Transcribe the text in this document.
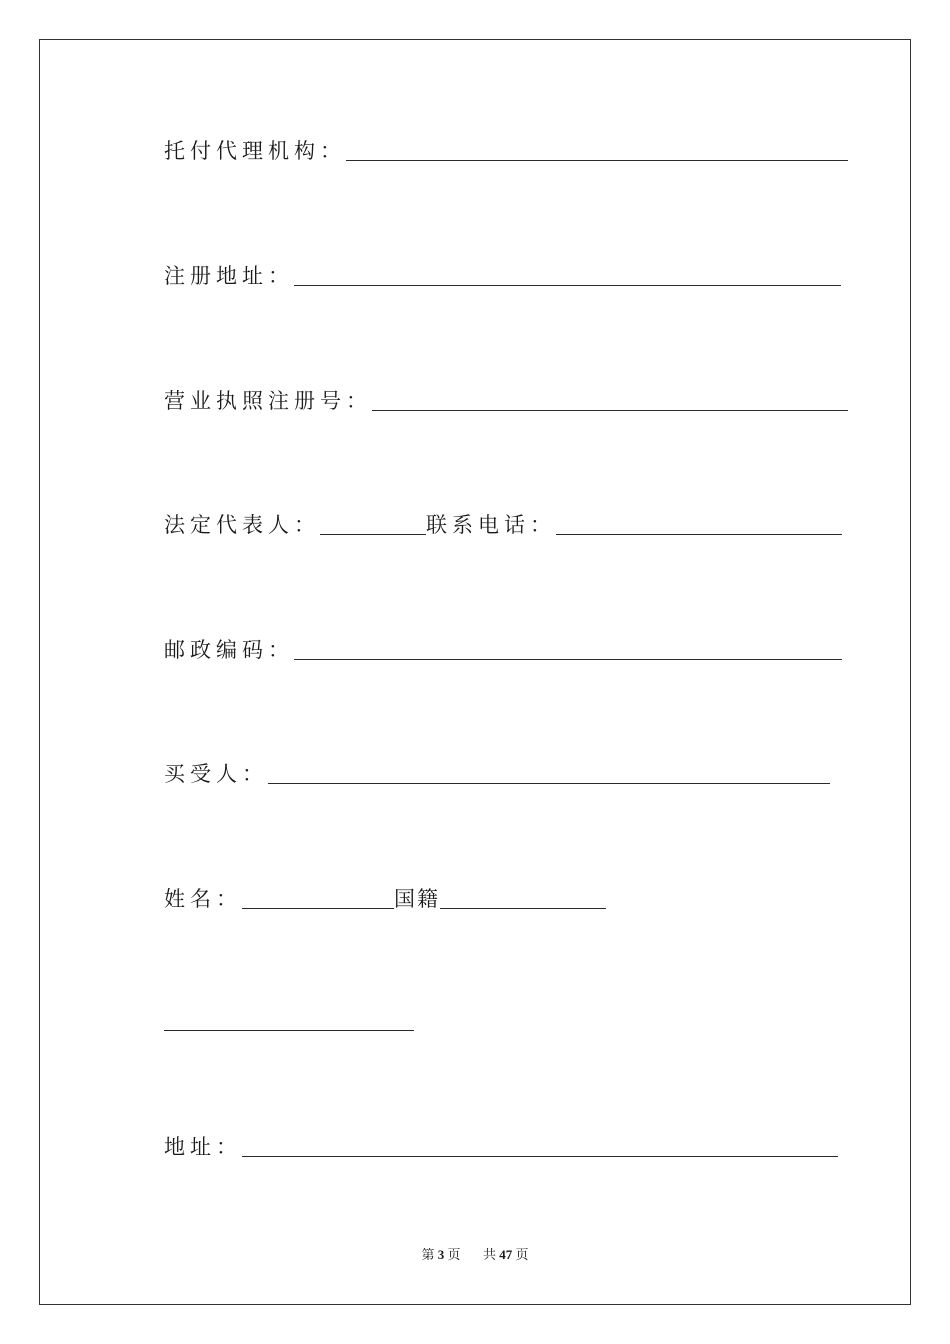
托付代理机构：
注册地址：
营业执照注册号：
法定代表人：	联系电话：
邮政编码：
买受人：
姓名：	国籍
地址：
第 3 页 共 47 页
